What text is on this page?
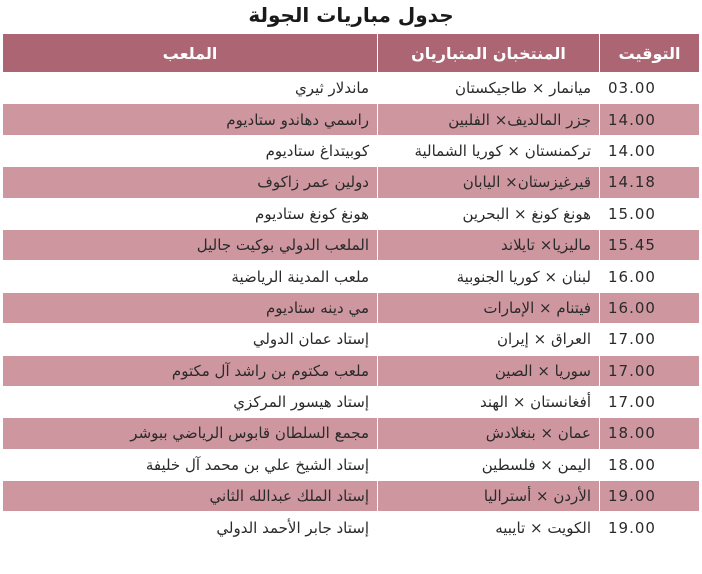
جدول مباريات الجولة
التوقيت	المنتخبان المتباريان	الملعب
03.00	ميانمار × طاجيكستان	ماندلار ثيري
14.00	جزر المالديف× الفلبين	راسمي دهاندو ستاديوم
14.00	تركمنستان × كوريا الشمالية	كوبيتداغ ستاديوم
14.18	قيرغيزستان× اليابان	دولين عمر زاكوف
15.00	هونغ كونغ × البحرين	هونغ كونغ ستاديوم
15.45	ماليزيا× تايلاند	الملعب الدولي بوكيت جاليل
16.00	لبنان × كوريا الجنوبية	ملعب المدينة الرياضية
16.00	فيتنام × الإمارات	مي دينه ستاديوم
17.00	العراق × إيران	إستاد عمان الدولي
17.00	سوريا × الصين	ملعب مكتوم بن راشد آل مكتوم
17.00	أفغانستان × الهند	إستاد هيسور المركزي
18.00	عمان × بنغلادش	مجمع السلطان قابوس الرياضي ببوشر
18.00	اليمن × فلسطين	إستاد الشيخ علي بن محمد آل خليفة
19.00	الأردن × أستراليا	إستاد الملك عبدالله الثاني
19.00	الكويت × تايبيه	إستاد جابر الأحمد الدولي
